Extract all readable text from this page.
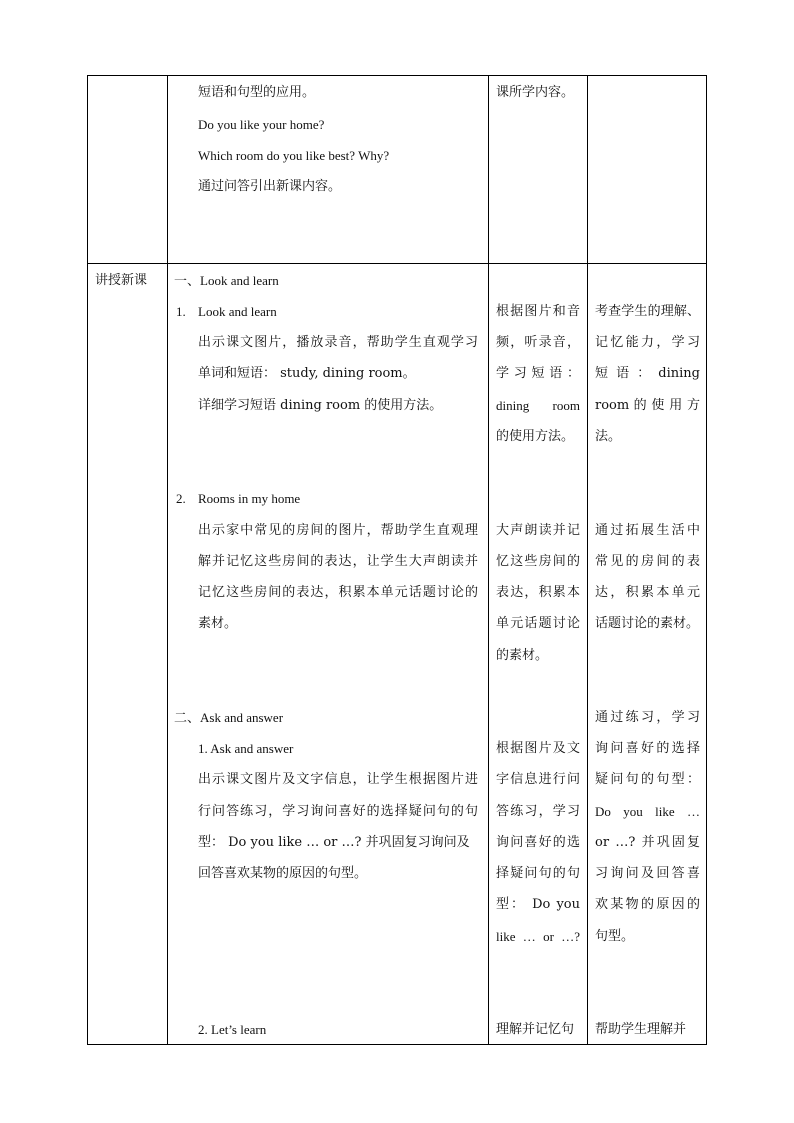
短语和句型的应用。
Do you like your home?
Which room do you like best? Why?
通过问答引出新课内容。
课所学内容。
讲授新课 一、Look and learn
1. Look and learn
出示课文图片，播放录音，帮助学生直观学习
单词和短语： study, dining room。
详细学习短语 dining room 的使用方法。
根据图片和音
频，听录音，
学 习 短 语 ：
dining room
的使用方法。
考查学生的理解、
记忆能力，学习
短 语 ： dining
room 的 使 用 方
法。
2. Rooms in my home
出示家中常见的房间的图片，帮助学生直观理
解并记忆这些房间的表达，让学生大声朗读并
记忆这些房间的表达，积累本单元话题讨论的
素材。
大声朗读并记
忆这些房间的
表达，积累本
单元话题讨论
的素材。
通过拓展生活中
常见的房间的表
达，积累本单元
话题讨论的素材。
二、Ask and answer
1. Ask and answer
出示课文图片及文字信息，让学生根据图片进
行问答练习，学习询问喜好的选择疑问句的句
型： Do you like … or …? 并巩固复习询问及
回答喜欢某物的原因的句型。
根据图片及文
字信息进行问
答练习，学习
询问喜好的选
择疑问句的句
型： Do you
like … or …?
通过练习，学习
询问喜好的选择
疑问句的句型：
Do you like …
or …? 并巩固复
习询问及回答喜
欢某物的原因的
句型。
2. Let’s learn	理解并记忆句 帮助学生理解并
